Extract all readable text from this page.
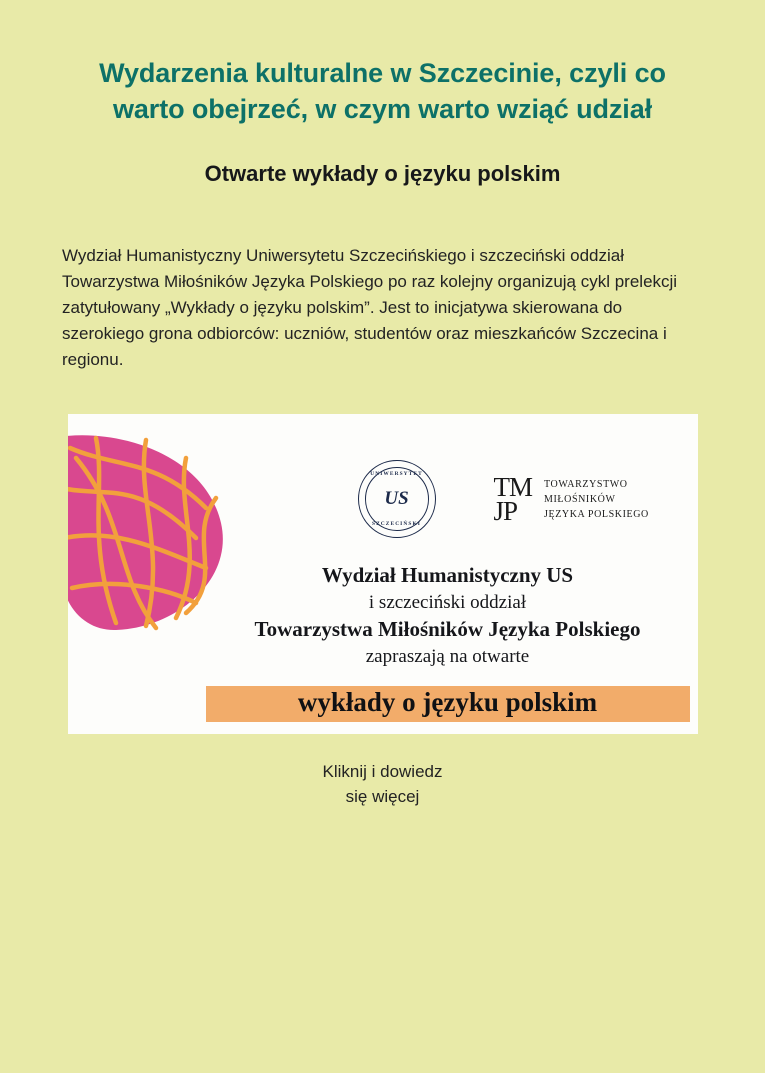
Wydarzenia kulturalne w Szczecinie, czyli co warto obejrzeć, w czym warto wziąć udział
Otwarte wykłady o języku polskim

Wydział Humanistyczny Uniwersytetu Szczecińskiego i szczeciński oddział Towarzystwa Miłośników Języka Polskiego po raz kolejny organizują cykl prelekcji zatytułowany „Wykłady o języku polskim”. Jest to inicjatywa skierowana do szerokiego grona odbiorców: uczniów, studentów oraz mieszkańców Szczecina i regionu.

UNIWERSYTET
US
SZCZECIŃSKI
TM
JP
TOWARZYSTWO
MIŁOŚNIKÓW
JĘZYKA POLSKIEGO
Wydział Humanistyczny US
i szczeciński oddział
Towarzystwa Miłośników Języka Polskiego
zapraszają na otwarte
wykłady o języku polskim
Kliknij i dowiedz
się więcej
